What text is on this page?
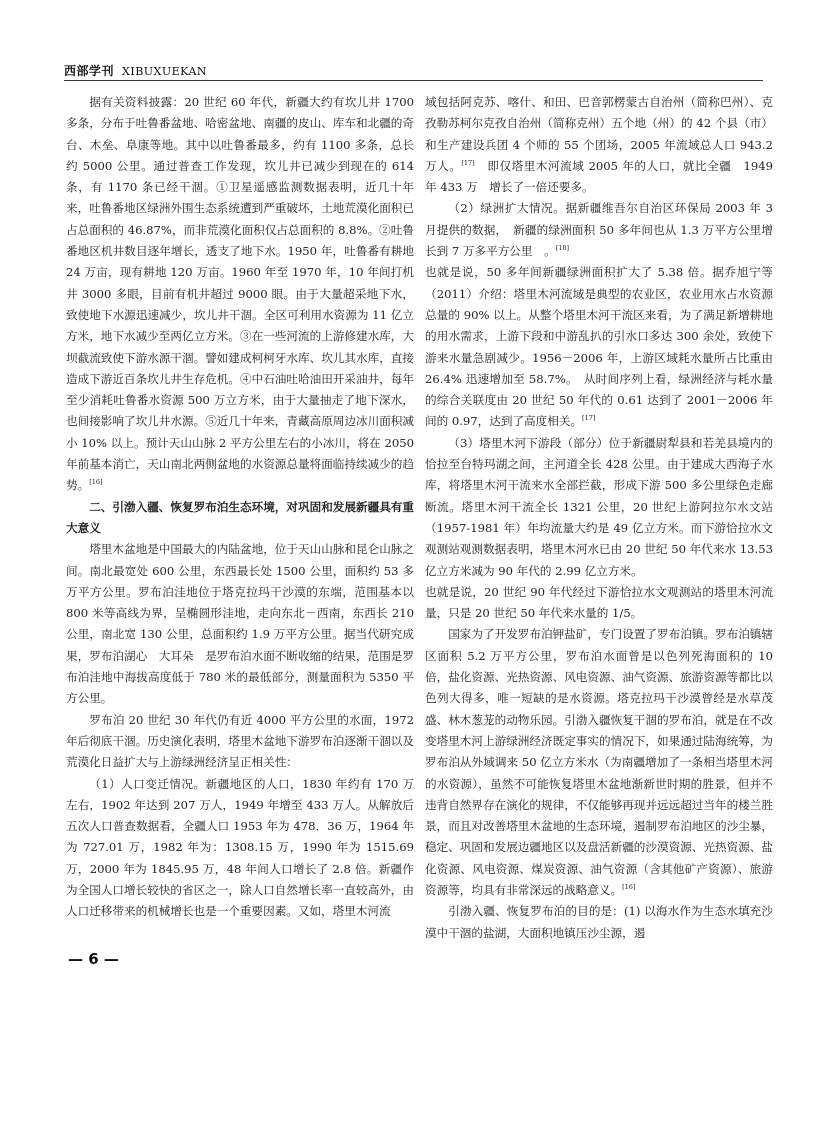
西部学刊 XIBUXUEKAN

据有关资料披露：20 世纪 60 年代，新疆大约有坎儿井 1700 多条，分布于吐鲁番盆地、哈密盆地、南疆的皮山、库车和北疆的奇台、木垒、阜康等地。其中以吐鲁番最多，约有 1100 多条，总长约 5000 公里。通过普查工作发现，坎儿井已减少到现在的 614 条，有 1170 条已经干涸。①卫星遥感监测数据表明，近几十年来，吐鲁番地区绿洲外围生态系统遭到严重破坏，土地荒漠化面积已占总面积的 46.87%，而非荒漠化面积仅占总面积的 8.8%。②吐鲁番地区机井数目逐年增长，透支了地下水。1950 年，吐鲁番有耕地 24 万亩，现有耕地 120 万亩。1960 年至 1970 年，10 年间打机井 3000 多眼，目前有机井超过 9000 眼。由于大量超采地下水，致使地下水源迅速减少，坎儿井干涸。全区可利用水资源为 11 亿立方米，地下水减少至两亿立方米。③在一些河流的上游修建水库，大坝截流致使下游水源干涸。譬如建成柯柯牙水库、坎儿其水库，直接造成下游近百条坎儿井生存危机。④中石油吐哈油田开采油井，每年至少消耗吐鲁番水资源 500 万立方米，由于大量抽走了地下深水，也间接影响了坎儿井水源。⑤近几十年来，青藏高原周边冰川面积减小 10% 以上。预计天山山脉 2 平方公里左右的小冰川，将在 2050 年前基本消亡，天山南北两侧盆地的水资源总量将面临持续减少的趋势。[16]

二、引渤入疆、恢复罗布泊生态环境，对巩固和发展新疆具有重大意义

塔里木盆地是中国最大的内陆盆地，位于天山山脉和昆仑山脉之间。南北最宽处 600 公里，东西最长处 1500 公里，面积约 53 多万平方公里。罗布泊洼地位于塔克拉玛干沙漠的东端，范围基本以 800 米等高线为界，呈椭圆形洼地，走向东北－西南，东西长 210 公里，南北宽 130 公里，总面积约 1.9 万平方公里。据当代研究成果，罗布泊湖心　大耳朵　是罗布泊水面不断收缩的结果，范围是罗布泊洼地中海拔高度低于 780 米的最低部分，测量面积为 5350 平方公里。

罗布泊 20 世纪 30 年代仍有近 4000 平方公里的水面，1972 年后彻底干涸。历史演化表明，塔里木盆地下游罗布泊逐渐干涸以及荒漠化日益扩大与上游绿洲经济呈正相关性：

（1）人口变迁情况。新疆地区的人口，1830 年约有 170 万左右，1902 年达到 207 万人，1949 年增至 433 万人。从解放后五次人口普查数据看，全疆人口 1953 年为 478．36 万，1964 年为 727.01 万，1982 年为：1308.15 万，1990 年为 1515.69 万，2000 年为 1845.95 万，48 年间人口增长了 2.8 倍。新疆作为全国人口增长较快的省区之一，除人口自然增长率一直较高外，由人口迁移带来的机械增长也是一个重要因素。又如，塔里木河流

域包括阿克苏、喀什、和田、巴音郭楞蒙古自治州（简称巴州）、克孜勒苏柯尔克孜自治州（简称克州）五个地（州）的 42 个县（市）和生产建设兵团 4 个师的 55 个团场，2005 年流域总人口 943.2 万人。[17]　即仅塔里木河流域 2005 年的人口，就比全疆　1949 年 433 万　增长了一倍还要多。

（2）绿洲扩大情况。据新疆维吾尔自治区环保局 2003 年 3 月提供的数据，　新疆的绿洲面积 50 多年间也从 1.3 万平方公里增长到 7 万多平方公里　。[18]

也就是说，50 多年间新疆绿洲面积扩大了 5.38 倍。据乔旭宁等（2011）介绍：塔里木河流域是典型的农业区，农业用水占水资源总量的 90% 以上。从整个塔里木河干流区来看，为了满足新增耕地的用水需求，上游下段和中游乱扒的引水口多达 300 余处，致使下游来水量急剧减少。1956－2006 年，上游区域耗水量所占比重由 26.4% 迅速增加至 58.7%。　从时间序列上看，绿洲经济与耗水量的综合关联度由 20 世纪 50 年代的 0.61 达到了 2001－2006 年间的 0.97，达到了高度相关。[17]

（3）塔里木河下游段（部分）位于新疆尉犁县和若羌县境内的恰拉至台特玛湖之间，主河道全长 428 公里。由于建成大西海子水库，将塔里木河干流来水全部拦截，形成下游 500 多公里绿色走廊断流。塔里木河干流全长 1321 公里，20 世纪上游阿拉尔水文站（1957-1981 年）年均流量大约是 49 亿立方米。而下游恰拉水文观测站观测数据表明，塔里木河水已由 20 世纪 50 年代来水 13.53 亿立方米减为 90 年代的 2.99 亿立方米。

也就是说，20 世纪 90 年代经过下游恰拉水文观测站的塔里木河流量，只是 20 世纪 50 年代来水量的 1/5。

国家为了开发罗布泊钾盐矿，专门设置了罗布泊镇。罗布泊镇辖区面积 5.2 万平方公里，罗布泊水面曾是以色列死海面积的 10 倍，盐化资源、光热资源、风电资源、油气资源、旅游资源等都比以色列大得多，唯一短缺的是水资源。塔克拉玛干沙漠曾经是水草茂盛、林木葱茏的动物乐园。引渤入疆恢复干涸的罗布泊，就是在不改变塔里木河上游绿洲经济既定事实的情况下，如果通过陆海统筹，为罗布泊从外域调来 50 亿立方米水（为南疆增加了一条相当塔里木河的水资源），虽然不可能恢复塔里木盆地渐新世时期的胜景，但并不违背自然界存在演化的规律，不仅能够再现并远远超过当年的楼兰胜景，而且对改善塔里木盆地的生态环境，遏制罗布泊地区的沙尘暴，稳定、巩固和发展边疆地区以及盘活新疆的沙漠资源、光热资源、盐化资源、风电资源、煤炭资源、油气资源（含其他矿产资源）、旅游资源等，均具有非常深远的战略意义。[16]

引渤入疆、恢复罗布泊的目的是：(1) 以海水作为生态水填充沙漠中干涸的盐湖，大面积地镇压沙尘源，遏

— 6 —
